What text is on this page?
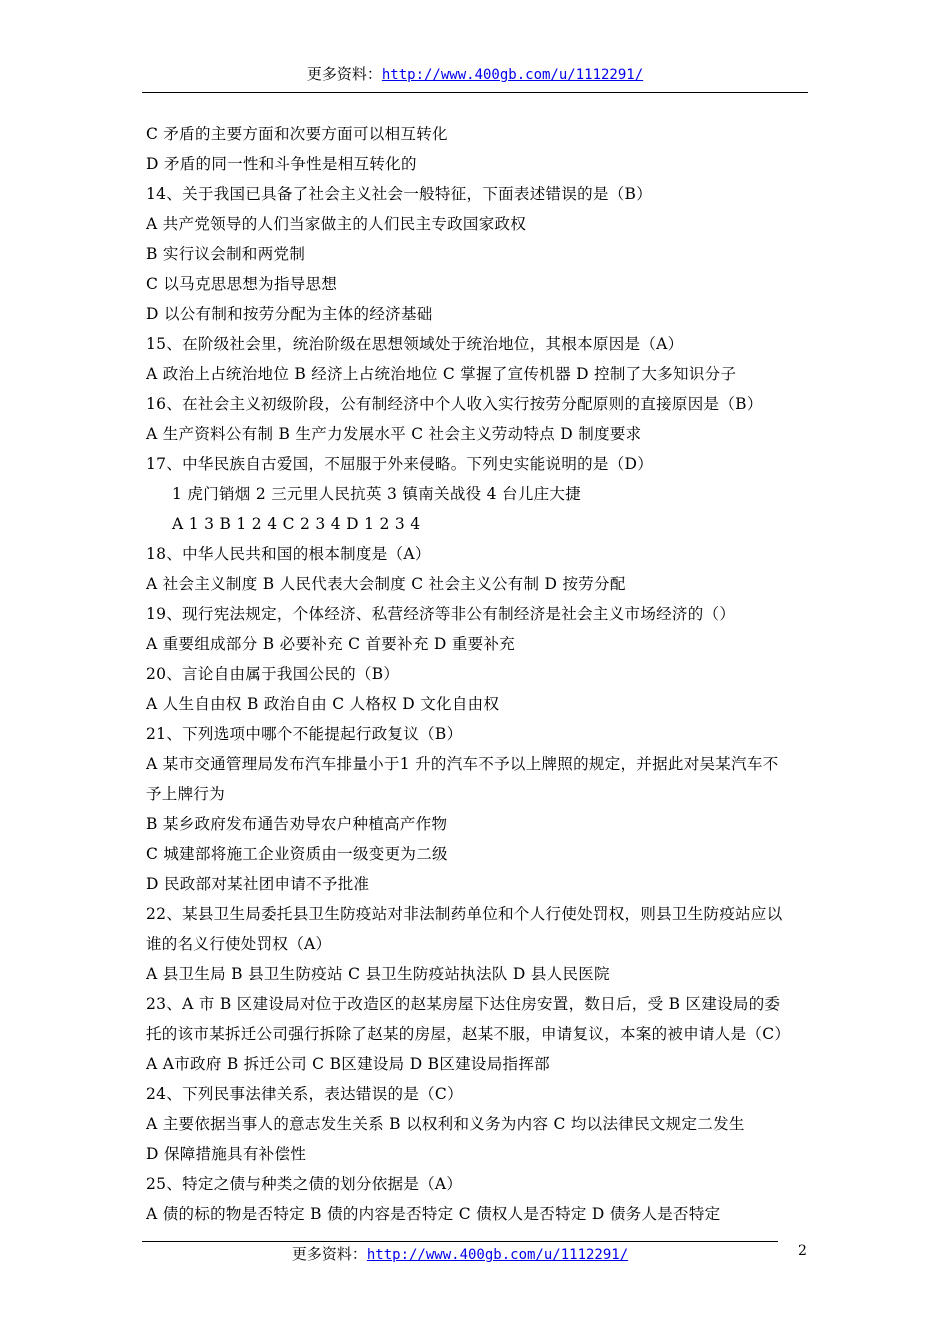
更多资料：http://www.400gb.com/u/1112291/
C 矛盾的主要方面和次要方面可以相互转化
D 矛盾的同一性和斗争性是相互转化的
14、关于我国已具备了社会主义社会一般特征，下面表述错误的是（B）
A 共产党领导的人们当家做主的人们民主专政国家政权
B 实行议会制和两党制
C 以马克思思想为指导思想
D 以公有制和按劳分配为主体的经济基础
15、在阶级社会里，统治阶级在思想领域处于统治地位，其根本原因是（A）
A 政治上占统治地位 B 经济上占统治地位 C 掌握了宣传机器 D 控制了大多知识分子
16、在社会主义初级阶段，公有制经济中个人收入实行按劳分配原则的直接原因是（B）
A 生产资料公有制 B 生产力发展水平 C 社会主义劳动特点 D 制度要求
17、中华民族自古爱国，不屈服于外来侵略。下列史实能说明的是（D）
1 虎门销烟 2 三元里人民抗英 3 镇南关战役 4 台儿庄大捷
A 1 3 B 1 2 4 C 2 3 4 D 1 2 3 4
18、中华人民共和国的根本制度是（A）
A 社会主义制度 B 人民代表大会制度 C 社会主义公有制 D 按劳分配
19、现行宪法规定，个体经济、私营经济等非公有制经济是社会主义市场经济的（）
A 重要组成部分 B 必要补充 C 首要补充 D 重要补充
20、言论自由属于我国公民的（B）
A 人生自由权 B 政治自由 C 人格权 D 文化自由权
21、下列选项中哪个不能提起行政复议（B）
A 某市交通管理局发布汽车排量小于1 升的汽车不予以上牌照的规定，并据此对吴某汽车不
予上牌行为
B 某乡政府发布通告劝导农户种植高产作物
C 城建部将施工企业资质由一级变更为二级
D 民政部对某社团申请不予批准
22、某县卫生局委托县卫生防疫站对非法制药单位和个人行使处罚权，则县卫生防疫站应以
谁的名义行使处罚权（A）
A 县卫生局 B 县卫生防疫站 C 县卫生防疫站执法队 D 县人民医院
23、A 市 B 区建设局对位于改造区的赵某房屋下达住房安置，数日后，受 B 区建设局的委
托的该市某拆迁公司强行拆除了赵某的房屋，赵某不服，申请复议，本案的被申请人是（C）
A A市政府 B 拆迁公司 C B区建设局 D B区建设局指挥部
24、下列民事法律关系，表达错误的是（C）
A 主要依据当事人的意志发生关系 B 以权利和义务为内容 C 均以法律民文规定二发生
D 保障措施具有补偿性
25、特定之债与种类之债的划分依据是（A）
A 债的标的物是否特定 B 债的内容是否特定 C 债权人是否特定 D 债务人是否特定
更多资料：http://www.400gb.com/u/1112291/	2
